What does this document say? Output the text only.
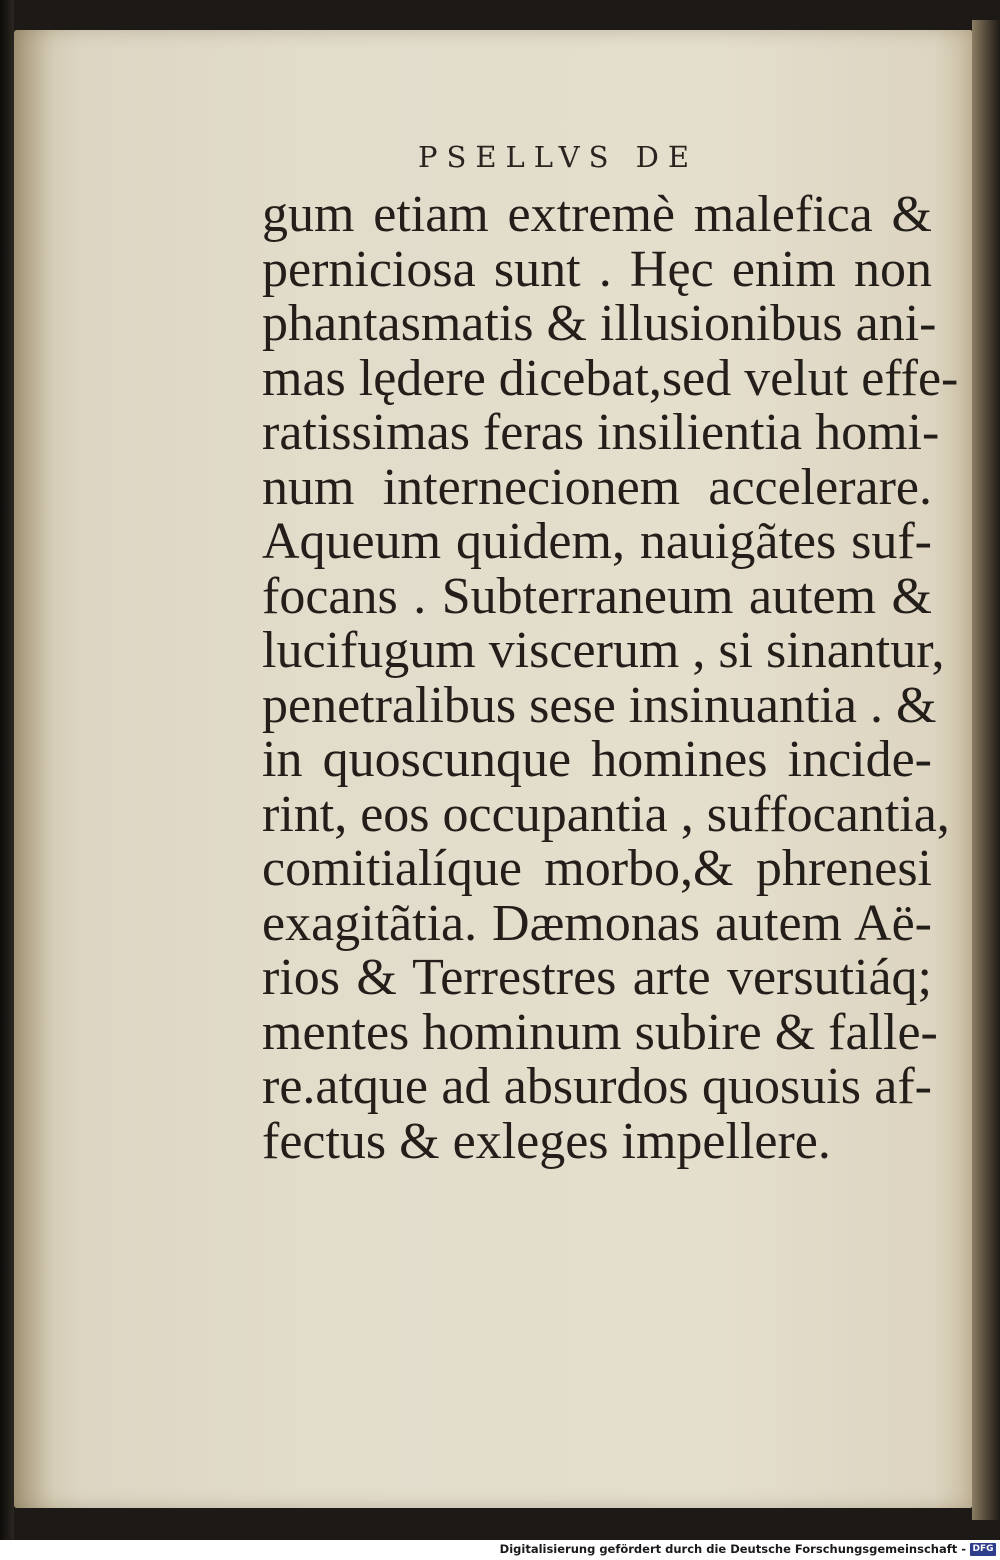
PSELLVS DE
gum etiam extremè malefica &
perniciosa sunt . Hęc enim non
phantasmatis & illusionibus ani-
mas lędere dicebat,sed velut effe-
ratissimas feras insilientia homi-
num internecionem accelerare.
Aqueum quidem, nauigãtes suf-
focans . Subterraneum autem &
lucifugum viscerum , si sinantur,
penetralibus sese insinuantia . &
in quoscunque homines incide-
rint, eos occupantia , suffocantia,
comitialíque morbo,& phrenesi
exagitãtia. Dæmonas autem Aë-
rios & Terrestres arte versutiáq;
mentes hominum subire & falle-
re.atque ad absurdos quosuis af-
fectus & exleges impellere.
Digitalisierung gefördert durch die Deutsche Forschungsgemeinschaft - DFG
